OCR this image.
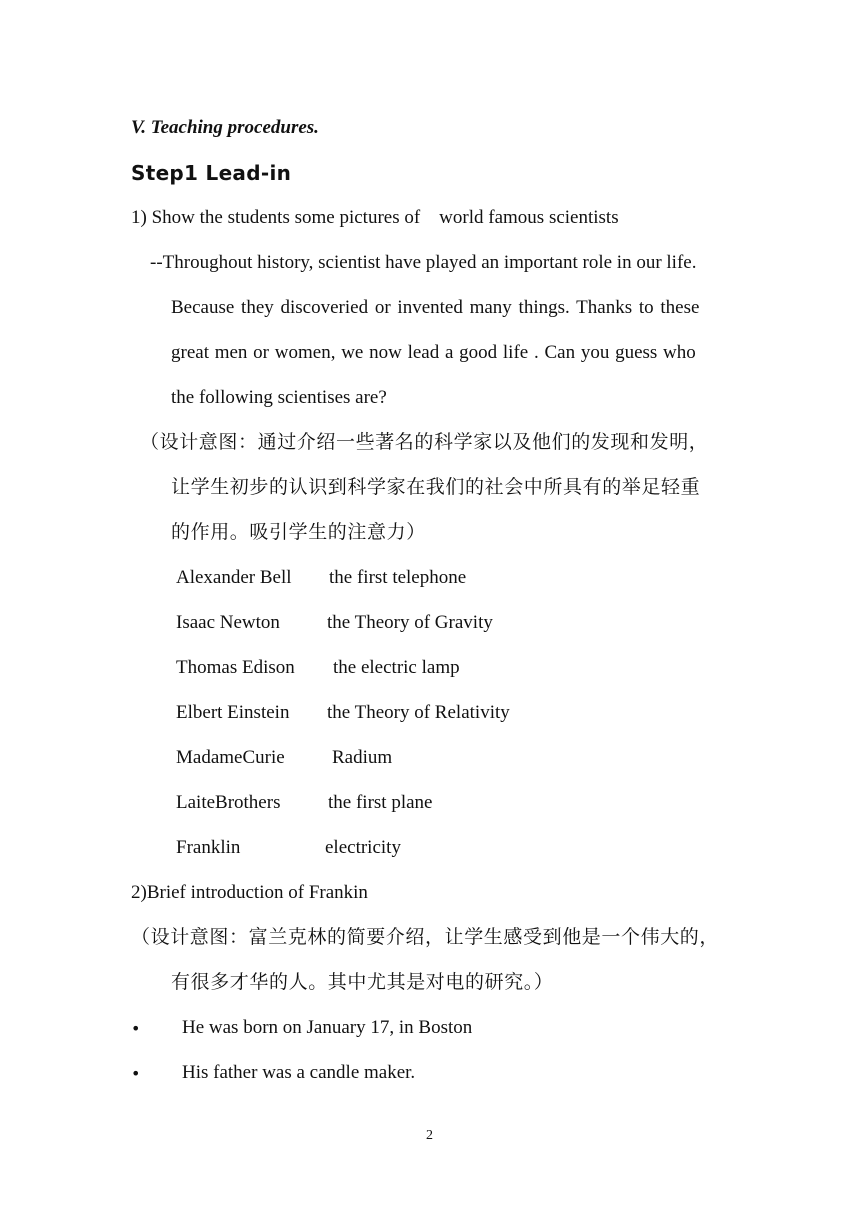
V. Teaching procedures.
Step1 Lead-in
1) Show the students some pictures of    world famous scientists
--Throughout history, scientist have played an important role in our life.
Because they discoveried or invented many things. Thanks to these
great men or women, we now lead a good life . Can you guess who
the following scientises are?
（设计意图：通过介绍一些著名的科学家以及他们的发现和发明，
让学生初步的认识到科学家在我们的社会中所具有的举足轻重
的作用。吸引学生的注意力）
Alexander Bell the first telephone
Isaac Newton the Theory of Gravity
Thomas Edison the electric lamp
Elbert Einstein the Theory of Relativity
MadameCurie Radium
LaiteBrothers	the first plane
Franklin	electricity
2)Brief introduction of Frankin
（设计意图：富兰克林的简要介绍，让学生感受到他是一个伟大的，
有很多才华的人。其中尤其是对电的研究。）
• He was born on January 17, in Boston
• His father was a candle maker.
2
